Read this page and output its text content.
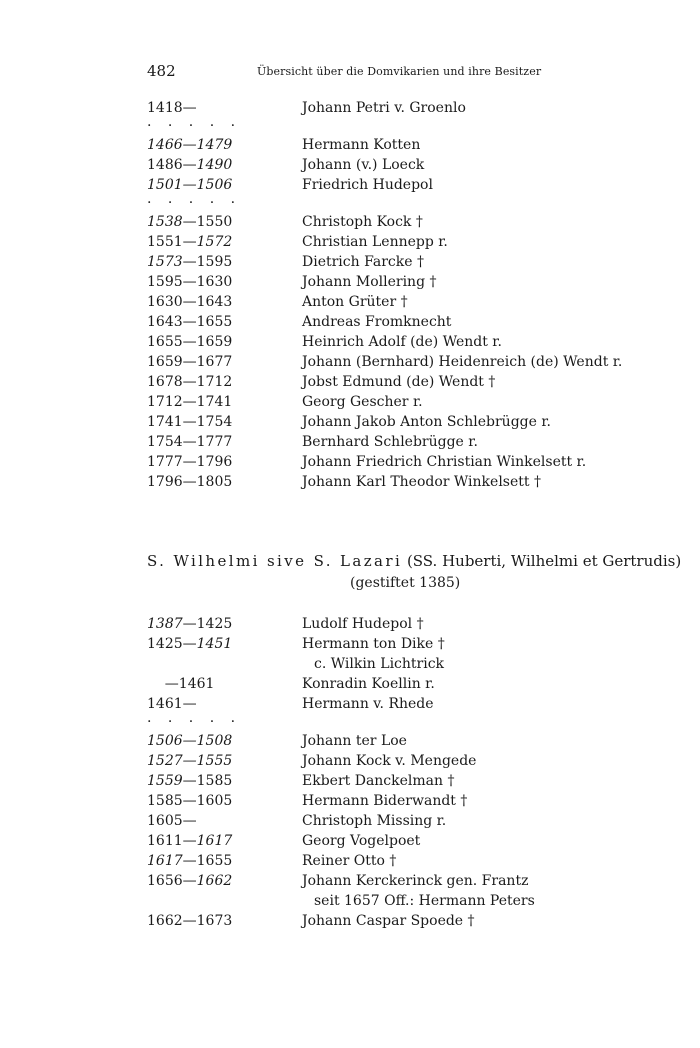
482	Übersicht über die Domvikarien und ihre Besitzer
1418—	Johann Petri v. Groenlo
. . . . .
1466—1479	Hermann Kotten
1486—1490	Johann (v.) Loeck
1501—1506	Friedrich Hudepol
. . . . .
1538—1550	Christoph Kock †
1551—1572	Christian Lennepp r.
1573—1595	Dietrich Farcke †
1595—1630	Johann Mollering †
1630—1643	Anton Grüter †
1643—1655	Andreas Fromknecht
1655—1659	Heinrich Adolf (de) Wendt r.
1659—1677	Johann (Bernhard) Heidenreich (de) Wendt r.
1678—1712	Jobst Edmund (de) Wendt †
1712—1741	Georg Gescher r.
1741—1754	Johann Jakob Anton Schlebrügge r.
1754—1777	Bernhard Schlebrügge r.
1777—1796	Johann Friedrich Christian Winkelsett r.
1796—1805	Johann Karl Theodor Winkelsett †
S. Wilhelmi sive S. Lazari (SS. Huberti, Wilhelmi et Gertrudis)
(gestiftet 1385)
1387—1425	Ludolf Hudepol †
1425—1451	Hermann ton Dike †
c. Wilkin Lichtrick
—1461	Konradin Koellin r.
1461—	Hermann v. Rhede
. . . . .
1506—1508	Johann ter Loe
1527—1555	Johann Kock v. Mengede
1559—1585	Ekbert Danckelman †
1585—1605	Hermann Biderwandt †
1605—	Christoph Missing r.
1611—1617	Georg Vogelpoet
1617—1655	Reiner Otto †
1656—1662	Johann Kerckerinck gen. Frantz
seit 1657 Off.: Hermann Peters
1662—1673	Johann Caspar Spoede †
